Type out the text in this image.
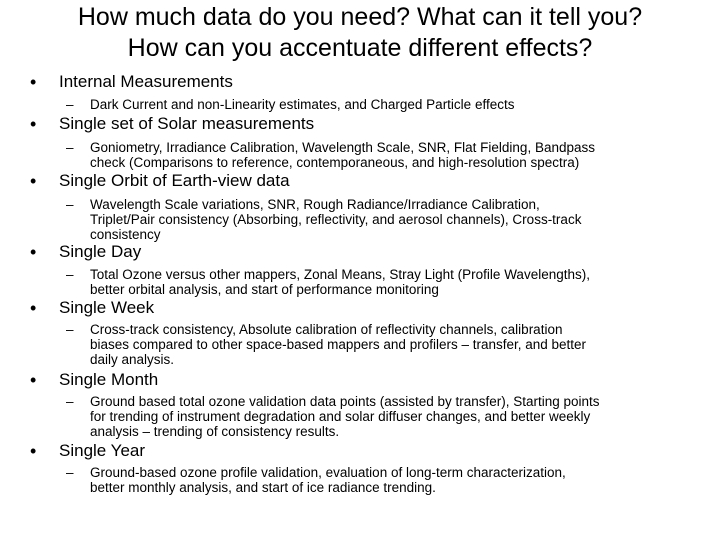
How much data do you need? What can it tell you?
How can you accentuate different effects?
• Internal Measurements
– Dark Current and non-Linearity estimates, and Charged Particle effects
• Single set of Solar measurements
– Goniometry, Irradiance Calibration, Wavelength Scale, SNR, Flat Fielding, Bandpass
check (Comparisons to reference, contemporaneous, and high-resolution spectra)
• Single Orbit of Earth-view data
– Wavelength Scale variations, SNR, Rough Radiance/Irradiance Calibration,
Triplet/Pair consistency (Absorbing, reflectivity, and aerosol channels), Cross-track
consistency
• Single Day
– Total Ozone versus other mappers, Zonal Means, Stray Light (Profile Wavelengths),
better orbital analysis, and start of performance monitoring
• Single Week
– Cross-track consistency, Absolute calibration of reflectivity channels, calibration
biases compared to other space-based mappers and profilers – transfer, and better
daily analysis.
• Single Month
– Ground based total ozone validation data points (assisted by transfer), Starting points
for trending of instrument degradation and solar diffuser changes, and better weekly
analysis – trending of consistency results.
• Single Year
– Ground-based ozone profile validation, evaluation of long-term characterization,
better monthly analysis, and start of ice radiance trending.
